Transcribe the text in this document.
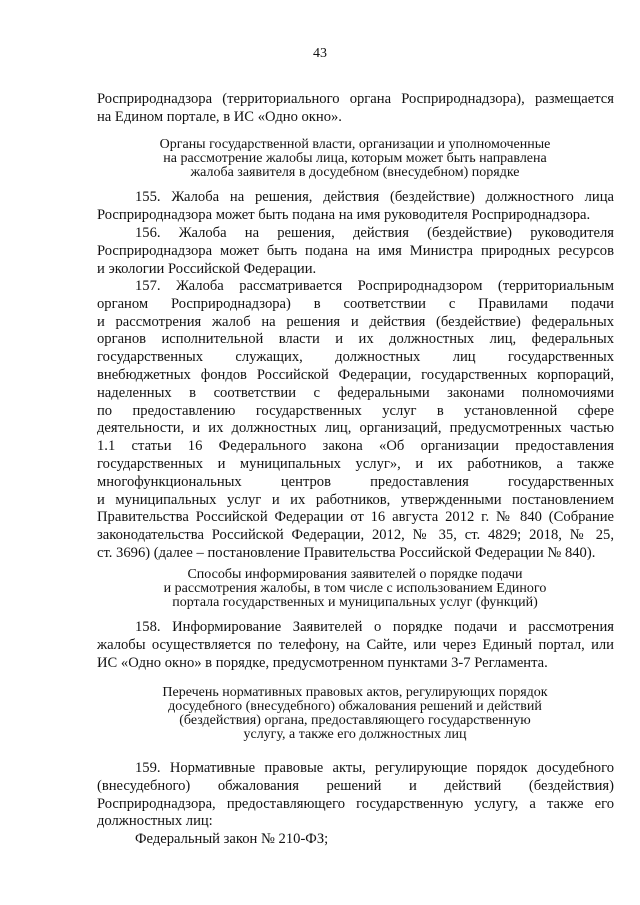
43
Росприроднадзора (территориального органа Росприроднадзора), размещается
на Едином портале, в ИС «Одно окно».
Органы государственной власти, организации и уполномоченные
на рассмотрение жалобы лица, которым может быть направлена
жалоба заявителя в досудебном (внесудебном) порядке
155. Жалоба на решения, действия (бездействие) должностного лица
Росприроднадзора может быть подана на имя руководителя Росприроднадзора.
156. Жалоба на решения, действия (бездействие) руководителя
Росприроднадзора может быть подана на имя Министра природных ресурсов
и экологии Российской Федерации.
157. Жалоба рассматривается Росприроднадзором (территориальным
органом Росприроднадзора) в соответствии с Правилами подачи
и рассмотрения жалоб на решения и действия (бездействие) федеральных
органов исполнительной власти и их должностных лиц, федеральных
государственных служащих, должностных лиц государственных
внебюджетных фондов Российской Федерации, государственных корпораций,
наделенных в соответствии с федеральными законами полномочиями
по предоставлению государственных услуг в установленной сфере
деятельности, и их должностных лиц, организаций, предусмотренных частью
1.1 статьи 16 Федерального закона «Об организации предоставления
государственных и муниципальных услуг», и их работников, а также
многофункциональных центров предоставления государственных
и муниципальных услуг и их работников, утвержденными постановлением
Правительства Российской Федерации от 16 августа 2012 г. № 840 (Собрание
законодательства Российской Федерации, 2012, № 35, ст. 4829; 2018, № 25,
ст. 3696) (далее – постановление Правительства Российской Федерации № 840).
Способы информирования заявителей о порядке подачи
и рассмотрения жалобы, в том числе с использованием Единого
портала государственных и муниципальных услуг (функций)
158. Информирование Заявителей о порядке подачи и рассмотрения
жалобы осуществляется по телефону, на Сайте, или через Единый портал, или
ИС «Одно окно» в порядке, предусмотренном пунктами 3-7 Регламента.
Перечень нормативных правовых актов, регулирующих порядок
досудебного (внесудебного) обжалования решений и действий
(бездействия) органа, предоставляющего государственную
услугу, а также его должностных лиц
159. Нормативные правовые акты, регулирующие порядок досудебного
(внесудебного) обжалования решений и действий (бездействия)
Росприроднадзора, предоставляющего государственную услугу, а также его
должностных лиц:
Федеральный закон № 210-ФЗ;
